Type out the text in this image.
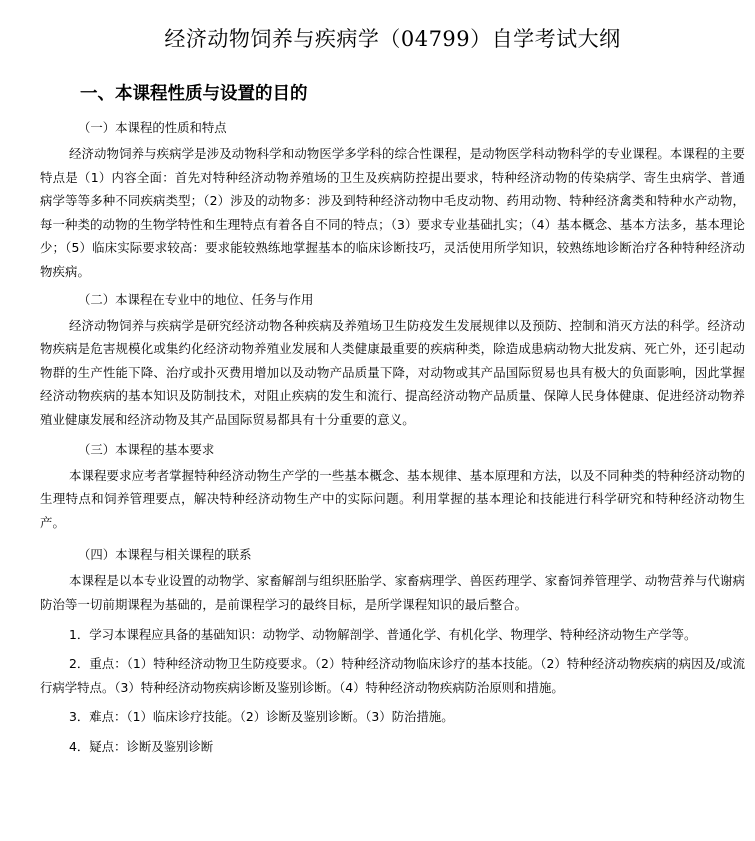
经济动物饲养与疾病学（04799）自学考试大纲
一、本课程性质与设置的目的
（一）本课程的性质和特点

经济动物饲养与疾病学是涉及动物科学和动物医学多学科的综合性课程，是动物医学科动物科学的专业课程。本课程的主要特点是（1）内容全面：首先对特种经济动物养殖场的卫生及疾病防控提出要求，特种经济动物的传染病学、寄生虫病学、普通病学等等多种不同疾病类型；（2）涉及的动物多：涉及到特种经济动物中毛皮动物、药用动物、特种经济禽类和特种水产动物，每一种类的动物的生物学特性和生理特点有着各自不同的特点；（3）要求专业基础扎实；（4）基本概念、基本方法多，基本理论少；（5）临床实际要求较高：要求能较熟练地掌握基本的临床诊断技巧，灵活使用所学知识，较熟练地诊断治疗各种特种经济动物疾病。

（二）本课程在专业中的地位、任务与作用

经济动物饲养与疾病学是研究经济动物各种疾病及养殖场卫生防疫发生发展规律以及预防、控制和消灭方法的科学。经济动物疾病是危害规模化或集约化经济动物养殖业发展和人类健康最重要的疾病种类，除造成患病动物大批发病、死亡外，还引起动物群的生产性能下降、治疗或扑灭费用增加以及动物产品质量下降，对动物或其产品国际贸易也具有极大的负面影响，因此掌握经济动物疾病的基本知识及防制技术，对阻止疾病的发生和流行、提高经济动物产品质量、保障人民身体健康、促进经济动物养殖业健康发展和经济动物及其产品国际贸易都具有十分重要的意义。

（三）本课程的基本要求

本课程要求应考者掌握特种经济动物生产学的一些基本概念、基本规律、基本原理和方法，以及不同种类的特种经济动物的生理特点和饲养管理要点，解决特种经济动物生产中的实际问题。利用掌握的基本理论和技能进行科学研究和特种经济动物生产。

（四）本课程与相关课程的联系

本课程是以本专业设置的动物学、家畜解剖与组织胚胎学、家畜病理学、兽医药理学、家畜饲养管理学、动物营养与代谢病防治等一切前期课程为基础的，是前课程学习的最终目标，是所学课程知识的最后整合。

1．学习本课程应具备的基础知识：动物学、动物解剖学、普通化学、有机化学、物理学、特种经济动物生产学等。

2．重点：（1）特种经济动物卫生防疫要求。（2）特种经济动物临床诊疗的基本技能。（2）特种经济动物疾病的病因及/或流行病学特点。（3）特种经济动物疾病诊断及鉴别诊断。（4）特种经济动物疾病防治原则和措施。

3．难点：（1）临床诊疗技能。（2）诊断及鉴别诊断。（3）防治措施。

4．疑点：诊断及鉴别诊断
